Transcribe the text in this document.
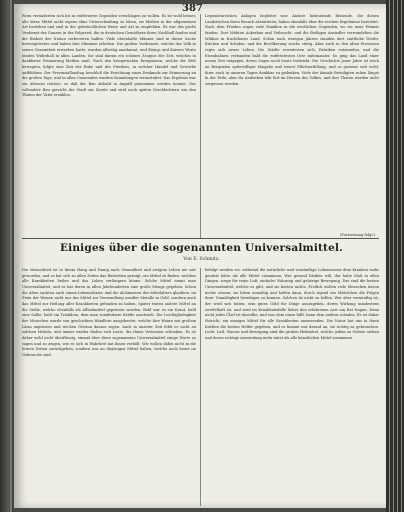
387
Form veränderten sich bis in entferntere Gegenden verschlagen zu wollen. Es ist wohl besser, alle diese Mittel nicht eigens ohne Unterscheidung zu loben, sie bleiben in der allgemeinen Art bestehen und sind in der gebräuchlichen Weise und Art zu empfehlen. Es war das große Verdienst des Ganzen in der Folgezeit, die in deutschen Gemüthern ihren Nachhall fanden und die Einheit der Nation vorbereiten halfen. Viele ehrenhafte Männer sind in dieser Sache hervorgetreten und haben ihre Stimmen erhoben. Die großen Verdienste, welche das Volk in seiner Gesamtheit erworben hatte, wurden allseitig anerkannt, und Königs und Kaisers Worte fanden Widerhall in allen Landen. Sie sind darum ein schönes Zeugnis der Zeit, welches in dankbarer Erinnerung bleiben muß. Nach den kriegerischen Ereignissen, welche die Welt bewegten, folgte eine Zeit der Ruhe und des Friedens, in welcher Handel und Gewerbe aufblühten. Der Provinziallandtag beschloß die Errichtung eines Denkmals zur Erinnerung an die großen Tage, und in allen Gemeinden wurden Sammlungen veranstaltet. Das Ergebnis war ein überaus reiches, so daß der Bau alsbald in Angriff genommen werden konnte. Der vollendete Bau gereicht der Stadt zur Zierde und wird noch späten Geschlechtern von den Thaten der Väter erzählen.
Legendenreichen Anlagen begleitet war. Andere bedeutende Reisende, die diesen Landstrichen ihren Besuch abstatteten, haben ebenfalls über die reichen Ergebnisse berichtet. Nach dem Frieden zogen viele Familien in die westlichen Gegenden, wo sie neue Heimat fanden. Dort blühten Ackerbau und Viehzucht, und die fleißigen Ansiedler verwandelten die Wildnis in fruchtbares Land. Schon nach wenigen Jahren standen dort stattliche Dörfer, Kirchen und Schulen, und die Bevölkerung wuchs stetig. Aber auch in den alten Provinzen regte sich neues Leben. Die Städte erweiterten sich, Fabriken entstanden, und die Eisenbahnen verbanden bald die entferntesten Orte miteinander. So ging das Land einer neuen Zeit entgegen, deren Segen noch heute fortwirkt. Die Geschichte jener Jahre ist reich an Beispielen opferwilliger Hingabe und treuer Pflichterfüllung, und es geziemt sich wohl, ihrer auch in unseren Tagen dankbar zu gedenken. Viele der damals Beteiligten ruhen längst in der Erde, aber ihr Andenken lebt fort im Herzen des Volkes, und ihre Thaten werden nicht vergessen werden.
(Fortsetzung folgt.)
Einiges über die sogenannten Universalmittel.
Von E. Schmitz.
Die Menschheit ist in ihrem Hang und Drang nach Gesundheit und ewigem Leben nie satt geworden, und es hat sich zu allen Zeiten das Bestreben gezeigt, ein Mittel zu finden, welches alle Krankheiten heilen und das Leben verlängern könne. Solche Mittel nennt man Universalmittel, und es hat deren in allen Jahrhunderten eine große Menge gegeben. Schon die Alten suchten nach einem Lebenselixier, und die Alchimisten des Mittelalters glaubten, im Stein der Weisen nicht nur das Mittel zur Verwandlung unedler Metalle in Gold, sondern auch das Mittel zur Heilung aller Krankheiten gefunden zu haben. Später traten andere Mittel an die Stelle, welche ebenfalls als Allheilmittel gepriesen wurden. Bald war es ein Kraut, bald eine Salbe, bald ein Tränklein, dem man wunderbare Kräfte zuschrieb. Die Leichtgläubigkeit der Menschen wurde von geschickten Händlern ausgebeutet, welche ihre Waare mit großem Lärm anpriesen und reichen Gewinn daraus zogen. Auch in unserer Zeit fehlt es nicht an solchen Mitteln, und immer wieder finden sich Leute, die ihnen Vertrauen schenken. Es ist daher wohl nicht überflüssig, einmal über diese sogenannten Universalmittel einige Worte zu sagen und zu zeigen, wie es sich in Wahrheit mit ihnen verhält. Wir wollen dabei nicht in die fernen Zeiten zurückgehen, sondern uns an diejenigen Mittel halten, welche noch heute im Gebrauche sind.
befolgt werden sei, während die natürliche und vernünftige Lebensweise dem Kranken mehr genützt hätte als alle Mittel zusammen. Wer gesund bleiben will, der halte Maß in allen Dingen, sorge für reine Luft, einfache Nahrung und gehörige Bewegung. Das sind die besten Universalmittel, welche es gibt, und sie kosten nichts. Freilich wollen viele Menschen davon nichts wissen; sie leben unmäßig und hoffen dann, durch irgend ein Mittelchen die Folgen ihrer Unmäßigkeit beseitigen zu können. Solchen ist nicht zu helfen. Wer aber vernünftig ist, der wird sich hüten, sein gutes Geld für Dinge auszugeben, deren Wirkung mindestens zweifelhaft ist, und wird im Krankheitsfalle lieber den erfahrenen Arzt um Rat fragen. Denn nicht jedes Übel ist dasselbe, und was dem einen hilft, kann dem andern schaden. Es ist daher thöricht, ein einziges Mittel für alle Krankheiten anzuwenden. Die Natur hat uns in ihren Kräften die besten Helfer gegeben, und es kommt nur darauf an, sie richtig zu gebrauchen. Licht, Luft, Wasser und Bewegung sind die großen Heilmittel, welche jedem zu Gebote stehen und deren richtige Anwendung mehr nützt als alle künstlichen Mittel zusammen.
